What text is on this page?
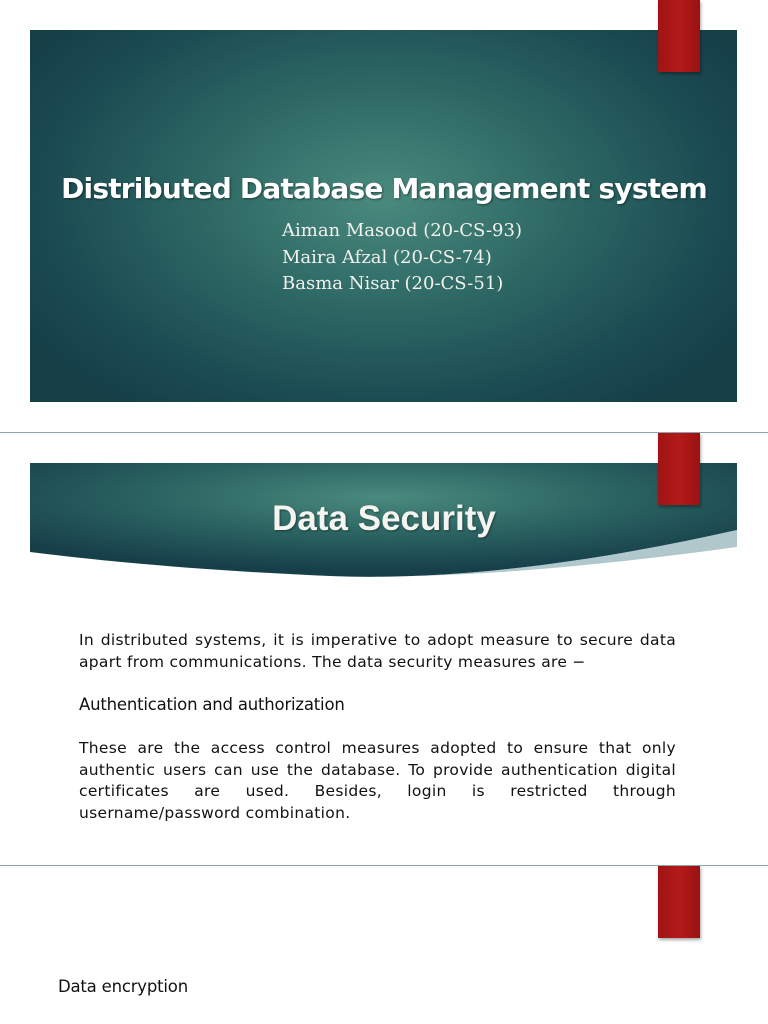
Distributed Database Management system
Aiman Masood (20-CS-93)
Maira Afzal (20-CS-74)
Basma Nisar (20-CS-51)
Data Security
In distributed systems, it is imperative to adopt measure to secure data apart from communications. The data security measures are −
Authentication and authorization
These are the access control measures adopted to ensure that only authentic users can use the database. To provide authentication digital certificates are used. Besides, login is restricted through username/password combination.
Data encryption
